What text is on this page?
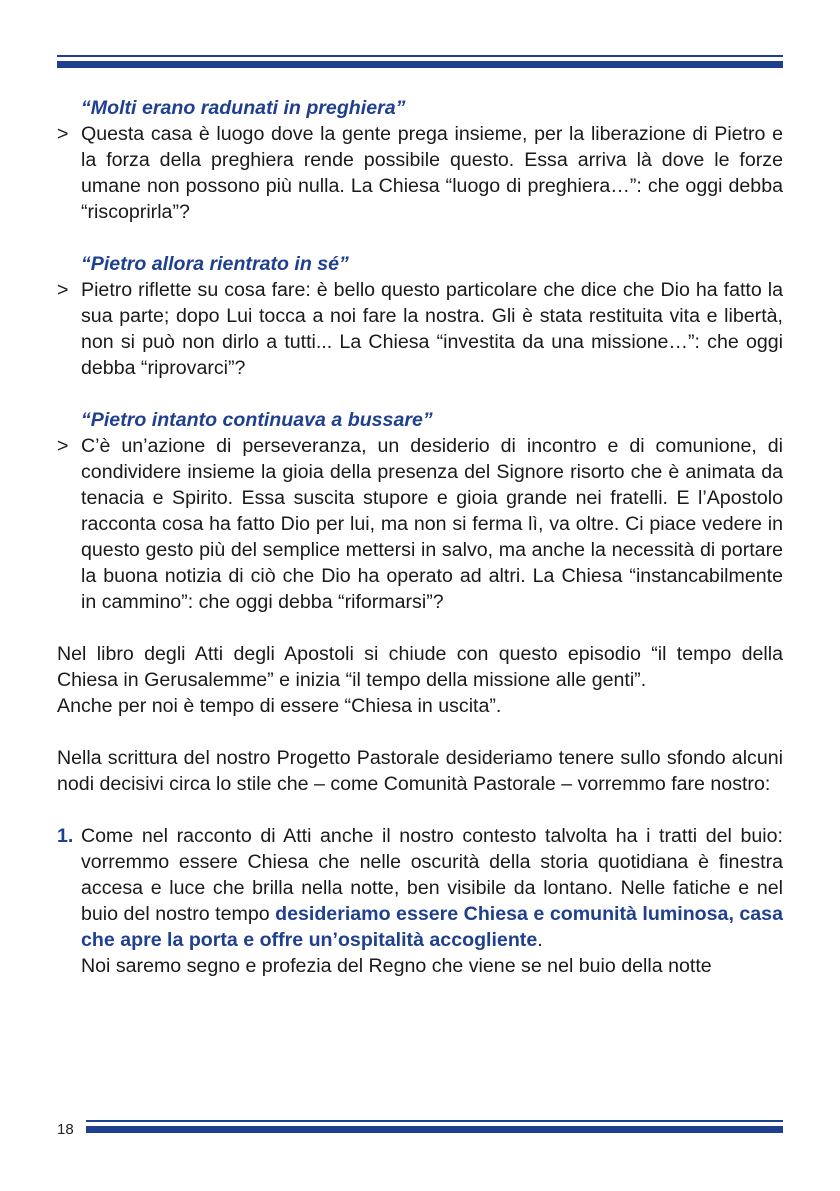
“Molti erano radunati in preghiera”
> Questa casa è luogo dove la gente prega insieme, per la liberazione di Pietro e la forza della preghiera rende possibile questo. Essa arriva là dove le forze umane non possono più nulla. La Chiesa “luogo di preghiera…”: che oggi debba “riscoprirla”?
“Pietro allora rientrato in sé”
> Pietro riflette su cosa fare: è bello questo particolare che dice che Dio ha fatto la sua parte; dopo Lui tocca a noi fare la nostra. Gli è stata restituita vita e libertà, non si può non dirlo a tutti... La Chiesa “investita da una missione…”: che oggi debba “riprovarci”?
“Pietro intanto continuava a bussare”
> C’è un’azione di perseveranza, un desiderio di incontro e di comunione, di condividere insieme la gioia della presenza del Signore risorto che è animata da tenacia e Spirito. Essa suscita stupore e gioia grande nei fratelli. E l’Apostolo racconta cosa ha fatto Dio per lui, ma non si ferma lì, va oltre. Ci piace vedere in questo gesto più del semplice mettersi in salvo, ma anche la necessità di portare la buona notizia di ciò che Dio ha operato ad altri. La Chiesa “instancabilmente in cammino”: che oggi debba “riformarsi”?
Nel libro degli Atti degli Apostoli si chiude con questo episodio “il tempo della Chiesa in Gerusalemme” e inizia “il tempo della missione alle genti”.
Anche per noi è tempo di essere “Chiesa in uscita”.
Nella scrittura del nostro Progetto Pastorale desideriamo tenere sullo sfondo alcuni nodi decisivi circa lo stile che – come Comunità Pastorale – vorremmo fare nostro:
1. Come nel racconto di Atti anche il nostro contesto talvolta ha i tratti del buio: vorremmo essere Chiesa che nelle oscurità della storia quotidiana è finestra accesa e luce che brilla nella notte, ben visibile da lontano. Nelle fatiche e nel buio del nostro tempo desideriamo essere Chiesa e comunità luminosa, casa che apre la porta e offre un’ospitalità accogliente.
Noi saremo segno e profezia del Regno che viene se nel buio della notte
18
